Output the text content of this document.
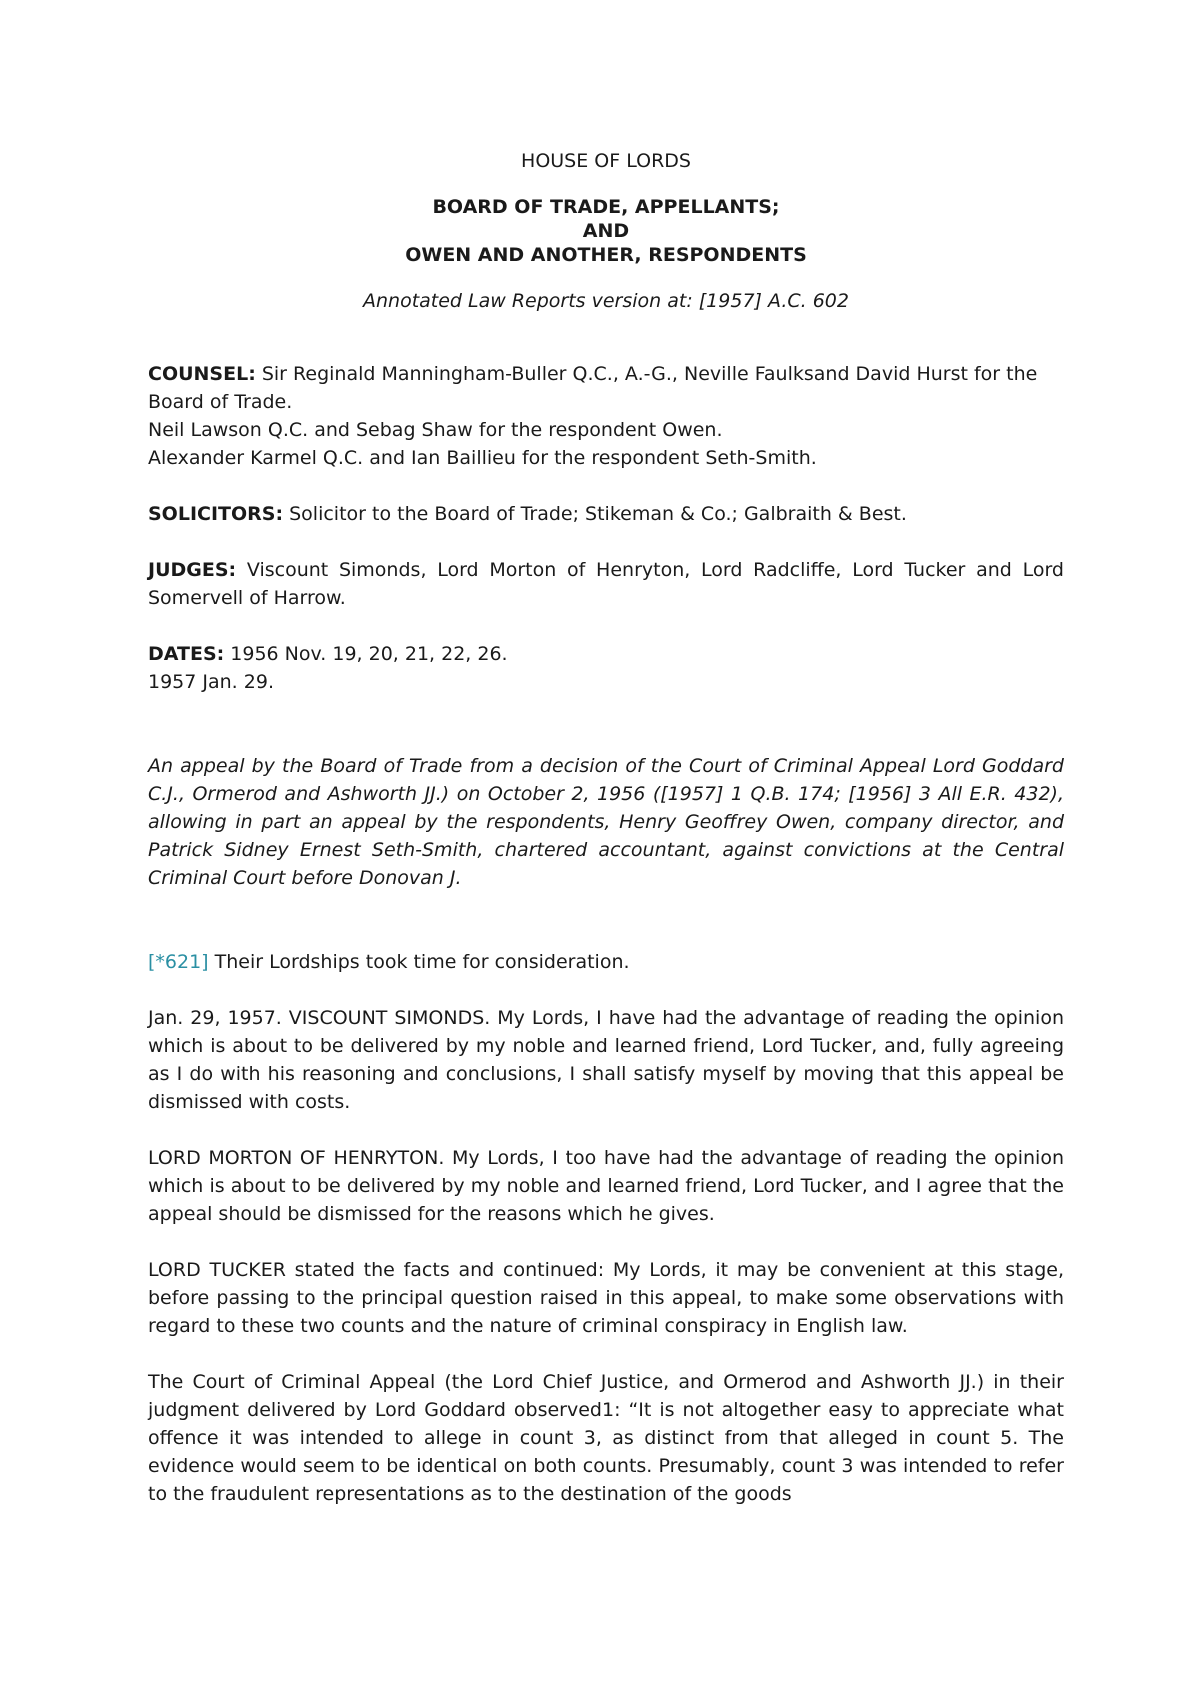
HOUSE OF LORDS
BOARD OF TRADE, APPELLANTS;
AND
OWEN AND ANOTHER, RESPONDENTS
Annotated Law Reports version at: [1957] A.C. 602
COUNSEL: Sir Reginald Manningham-Buller Q.C., A.-G., Neville Faulksand David Hurst for the Board of Trade.
Neil Lawson Q.C. and Sebag Shaw for the respondent Owen.
Alexander Karmel Q.C. and Ian Baillieu for the respondent Seth-Smith.
SOLICITORS: Solicitor to the Board of Trade; Stikeman & Co.; Galbraith & Best.
JUDGES: Viscount Simonds, Lord Morton of Henryton, Lord Radcliffe, Lord Tucker and Lord Somervell of Harrow.
DATES: 1956 Nov. 19, 20, 21, 22, 26.
1957 Jan. 29.
An appeal by the Board of Trade from a decision of the Court of Criminal Appeal Lord Goddard C.J., Ormerod and Ashworth JJ.) on October 2, 1956 ([1957] 1 Q.B. 174; [1956] 3 All E.R. 432), allowing in part an appeal by the respondents, Henry Geoffrey Owen, company director, and Patrick Sidney Ernest Seth-Smith, chartered accountant, against convictions at the Central Criminal Court before Donovan J.

[*621] Their Lordships took time for consideration.

Jan. 29, 1957. VISCOUNT SIMONDS. My Lords, I have had the advantage of reading the opinion which is about to be delivered by my noble and learned friend, Lord Tucker, and, fully agreeing as I do with his reasoning and conclusions, I shall satisfy myself by moving that this appeal be dismissed with costs.

LORD MORTON OF HENRYTON. My Lords, I too have had the advantage of reading the opinion which is about to be delivered by my noble and learned friend, Lord Tucker, and I agree that the appeal should be dismissed for the reasons which he gives.

LORD TUCKER stated the facts and continued: My Lords, it may be convenient at this stage, before passing to the principal question raised in this appeal, to make some observations with regard to these two counts and the nature of criminal conspiracy in English law.

The Court of Criminal Appeal (the Lord Chief Justice, and Ormerod and Ashworth JJ.) in their judgment delivered by Lord Goddard observed1: “It is not altogether easy to appreciate what offence it was intended to allege in count 3, as distinct from that alleged in count 5. The evidence would seem to be identical on both counts. Presumably, count 3 was intended to refer to the fraudulent representations as to the destination of the goods
